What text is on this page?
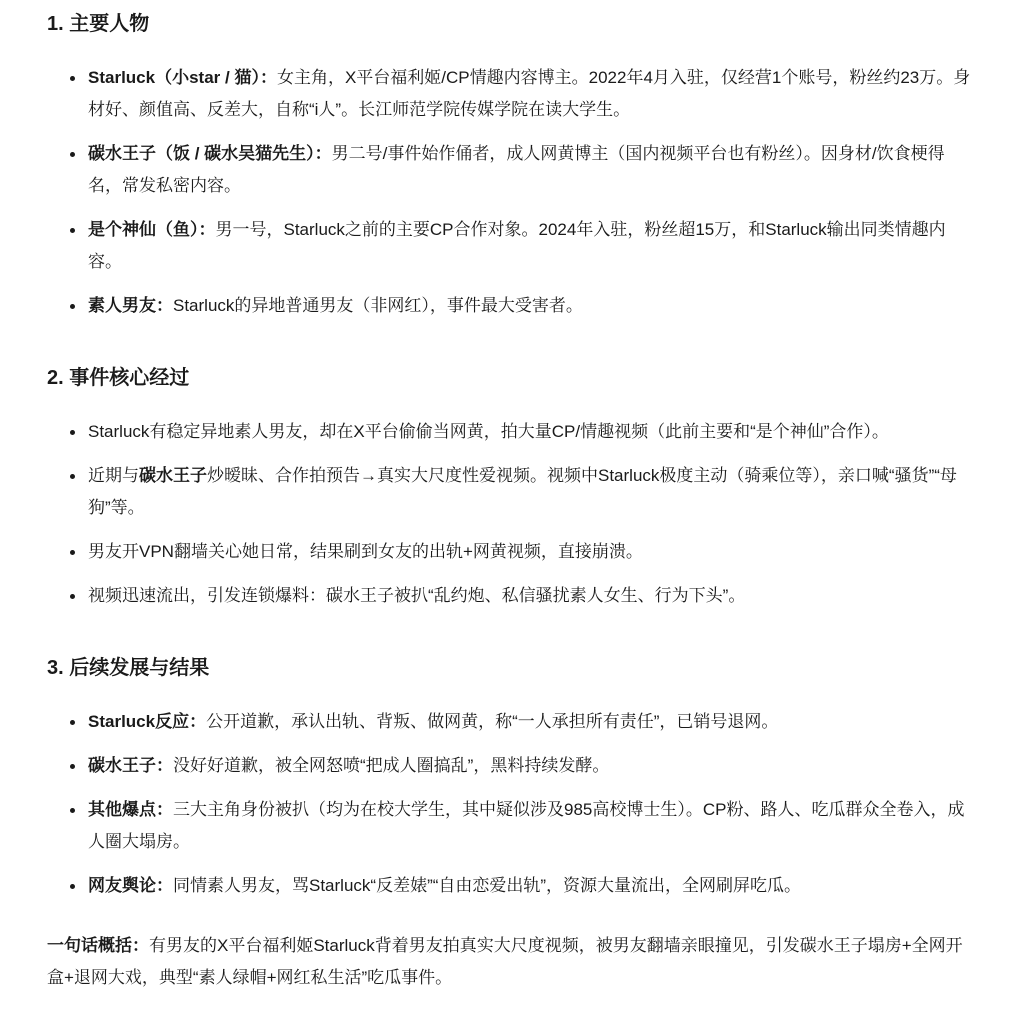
1. 主要人物
Starluck（小star / 猫）：女主角，X平台福利姬/CP情趣内容博主。2022年4月入驻，仅经营1个账号，粉丝约23万。身材好、颜值高、反差大，自称“i人”。长江师范学院传媒学院在读大学生。
碳水王子（饭 / 碳水吴猫先生）：男二号/事件始作俑者，成人网黄博主（国内视频平台也有粉丝）。因身材/饮食梗得名，常发私密内容。
是个神仙（鱼）：男一号，Starluck之前的主要CP合作对象。2024年入驻，粉丝超15万，和Starluck输出同类情趣内容。
素人男友：Starluck的异地普通男友（非网红），事件最大受害者。
2. 事件核心经过
Starluck有稳定异地素人男友，却在X平台偷偷当网黄，拍大量CP/情趣视频（此前主要和“是个神仙”合作）。
近期与碳水王子炒暧昧、合作拍预告→真实大尺度性爱视频。视频中Starluck极度主动（骑乘位等），亲口喊“骚货”“母狗”等。
男友开VPN翻墙关心她日常，结果刷到女友的出轨+网黄视频，直接崩溃。
视频迅速流出，引发连锁爆料：碳水王子被扒“乱约炮、私信骚扰素人女生、行为下头”。
3. 后续发展与结果
Starluck反应：公开道歉，承认出轨、背叛、做网黄，称“一人承担所有责任”，已销号退网。
碳水王子：没好好道歉，被全网怒喷“把成人圈搞乱”，黑料持续发酵。
其他爆点：三大主角身份被扒（均为在校大学生，其中疑似涉及985高校博士生）。CP粉、路人、吃瓜群众全卷入，成人圈大塌房。
网友舆论：同情素人男友，骂Starluck“反差婊”“自由恋爱出轨”，资源大量流出，全网刷屏吃瓜。

一句话概括：有男友的X平台福利姬Starluck背着男友拍真实大尺度视频，被男友翻墙亲眼撞见，引发碳水王子塌房+全网开盒+退网大戏，典型“素人绿帽+网红私生活”吃瓜事件。
